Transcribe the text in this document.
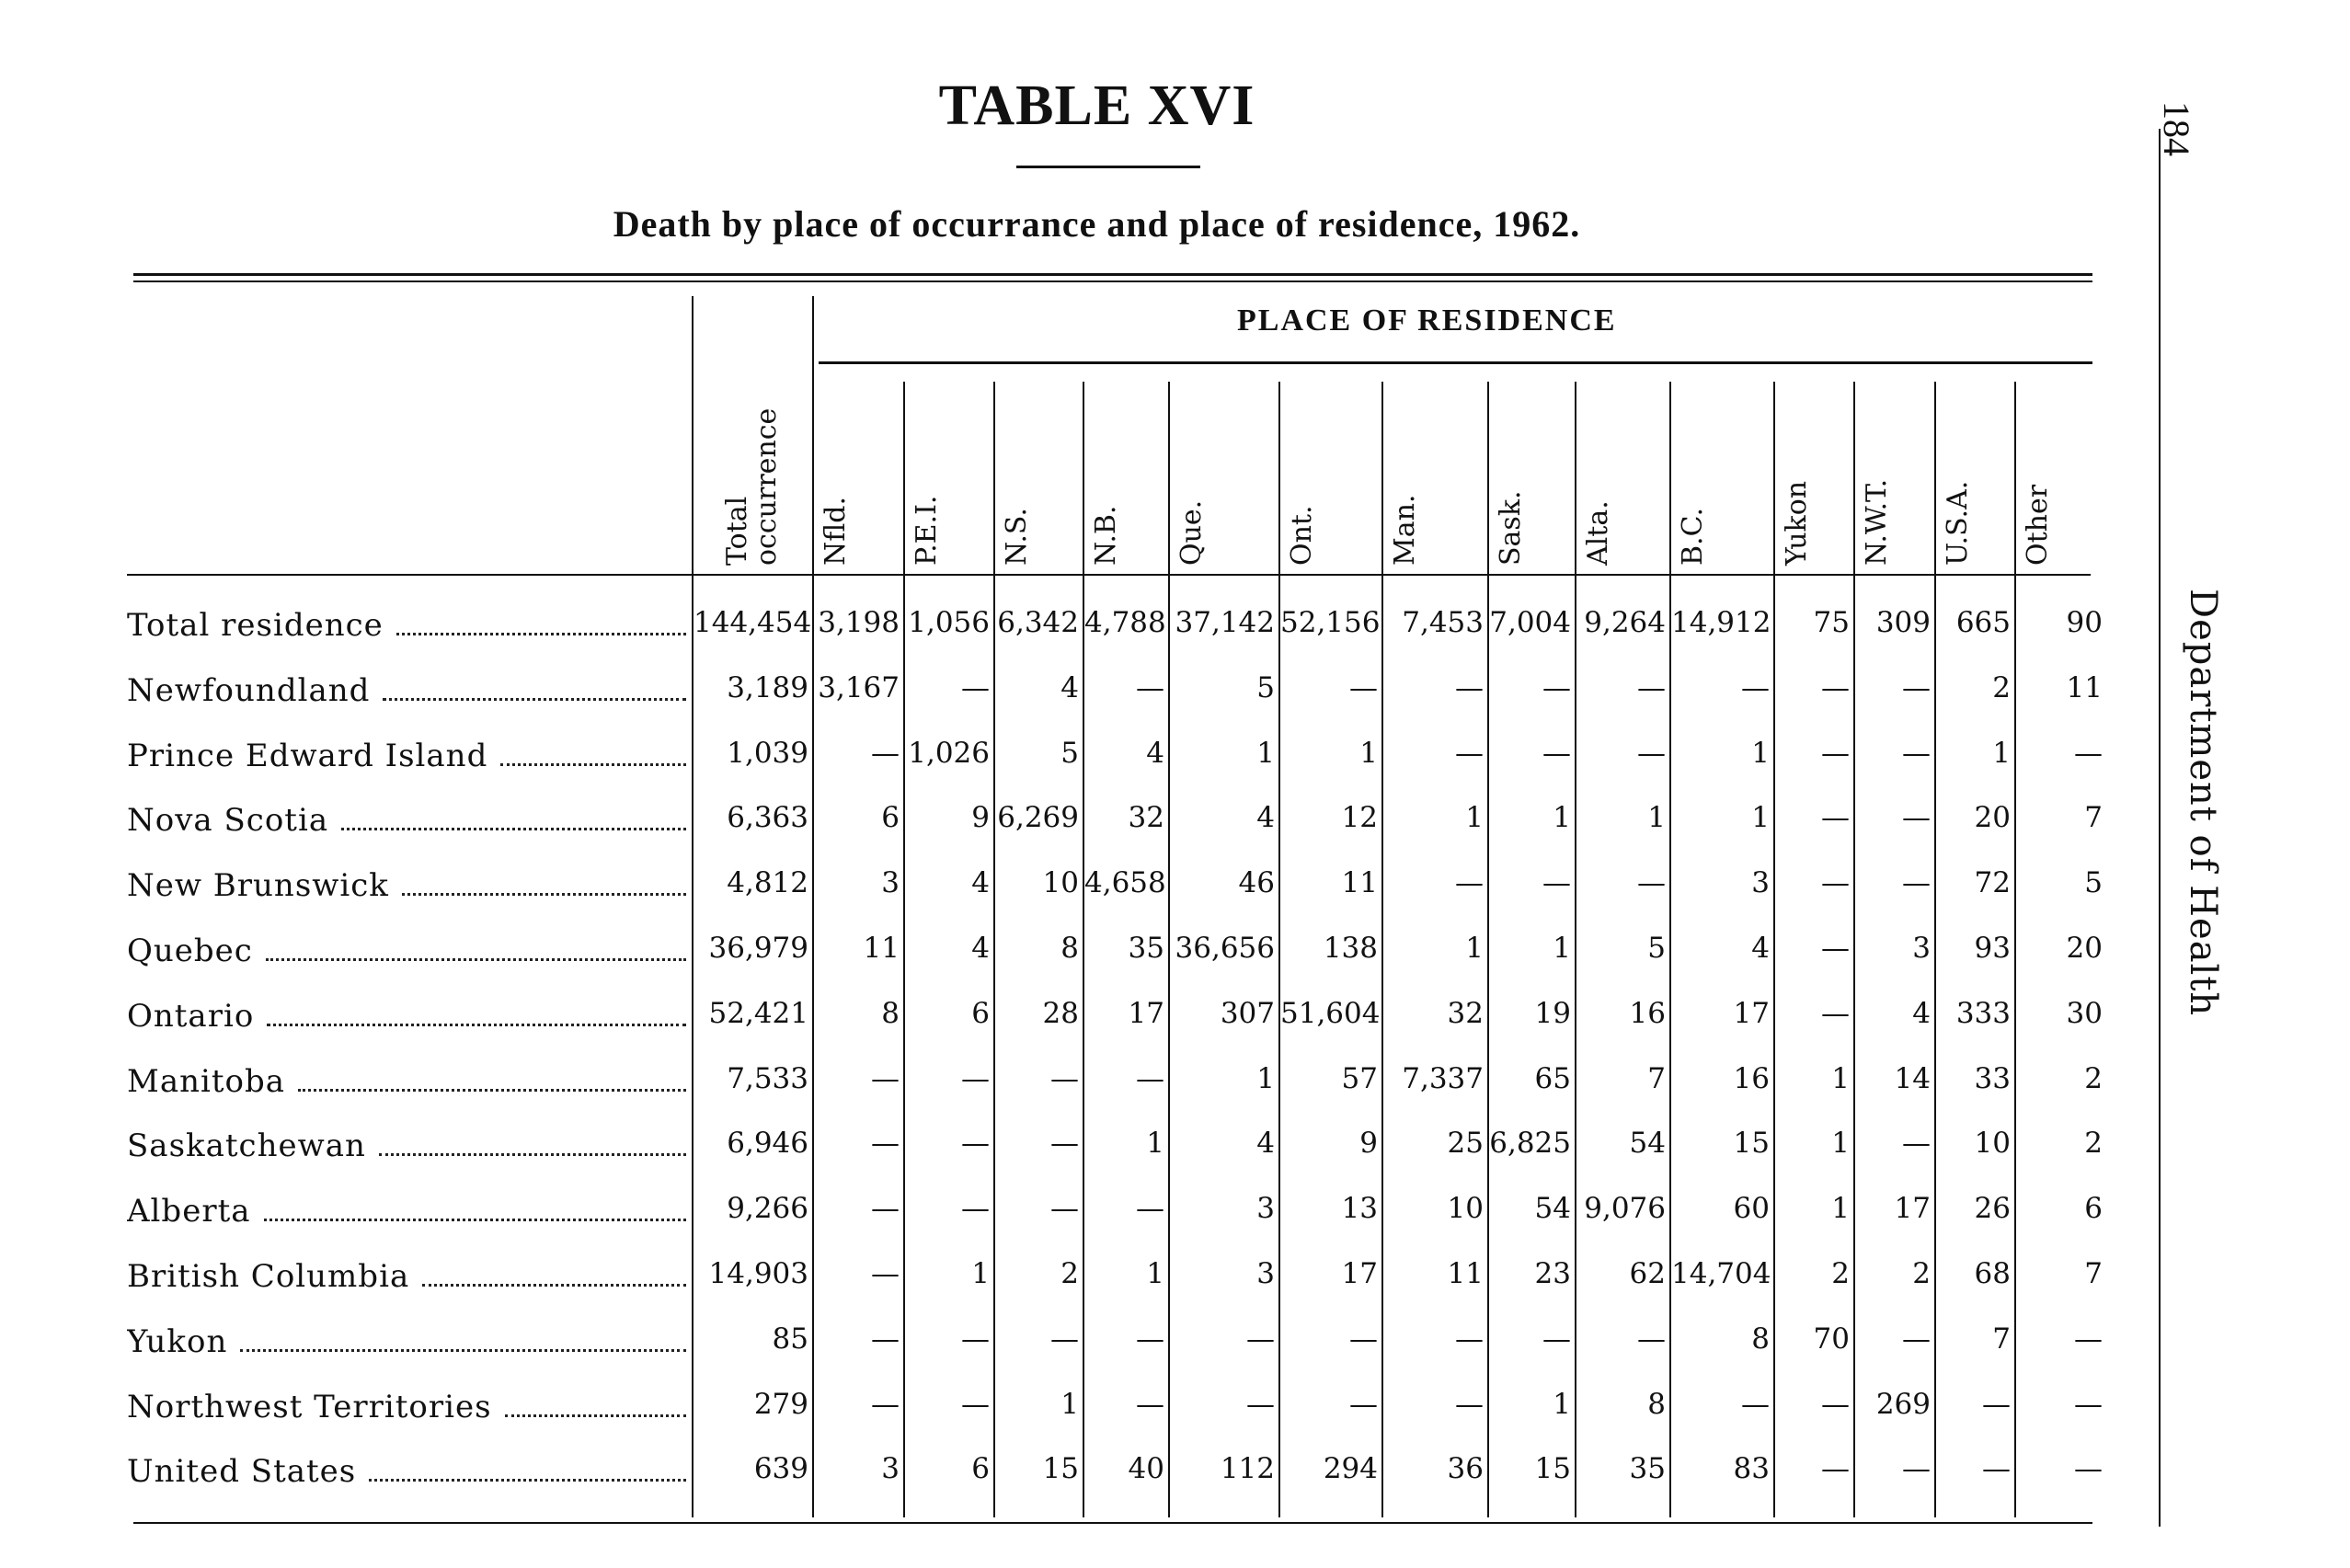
TABLE XVI
Death by place of occurrance and place of residence, 1962.
PLACE OF RESIDENCE
184
Department of Health
Total occurrence Nfld. P.E.I. N.S. N.B. Que.	Ont.	Man.	Sask. Alta. B.C.	Yukon N.W.T. U.S.A. Other
Total residence	144,454 3,198 1,056 6,342 4,788 37,142 52,156 7,453 7,004 9,264 14,912	75 309 665	90
Newfoundland	3,189 3,167	—	4	—	5	—	—	—	—	—	—	—	2	11
Prince Edward Island	1,039	— 1,026	5	4	1	1	—	—	—	1	—	—	1	—
Nova Scotia	6,363	6	9 6,269	32	4	12	1	1	1	1	—	—	20	7
New Brunswick	4,812	3	4	10 4,658	46	11	—	—	—	3	—	—	72	5
Quebec	36,979	11	4	8	35 36,656	138	1	1	5	4	—	3	93	20
Ontario	52,421	8	6	28	17	307 51,604	32	19	16	17	—	4 333	30
Manitoba	7,533	—	—	—	—	1	57 7,337	65	7	16	1	14	33	2
Saskatchewan	6,946	—	—	—	1	4	9	25 6,825	54	15	1	—	10	2
Alberta	9,266	—	—	—	—	3	13	10	54 9,076	60	1	17	26	6
British Columbia	14,903	—	1	2	1	3	17	11	23	62 14,704	2	2	68	7
Yukon	85	—	—	—	—	—	—	—	—	—	8	70	—	7	—
Northwest Territories	279	—	—	1	—	—	—	—	1	8	—	— 269	—	—
United States	639	3	6	15	40	112	294	36	15	35	83	—	—	—	—
